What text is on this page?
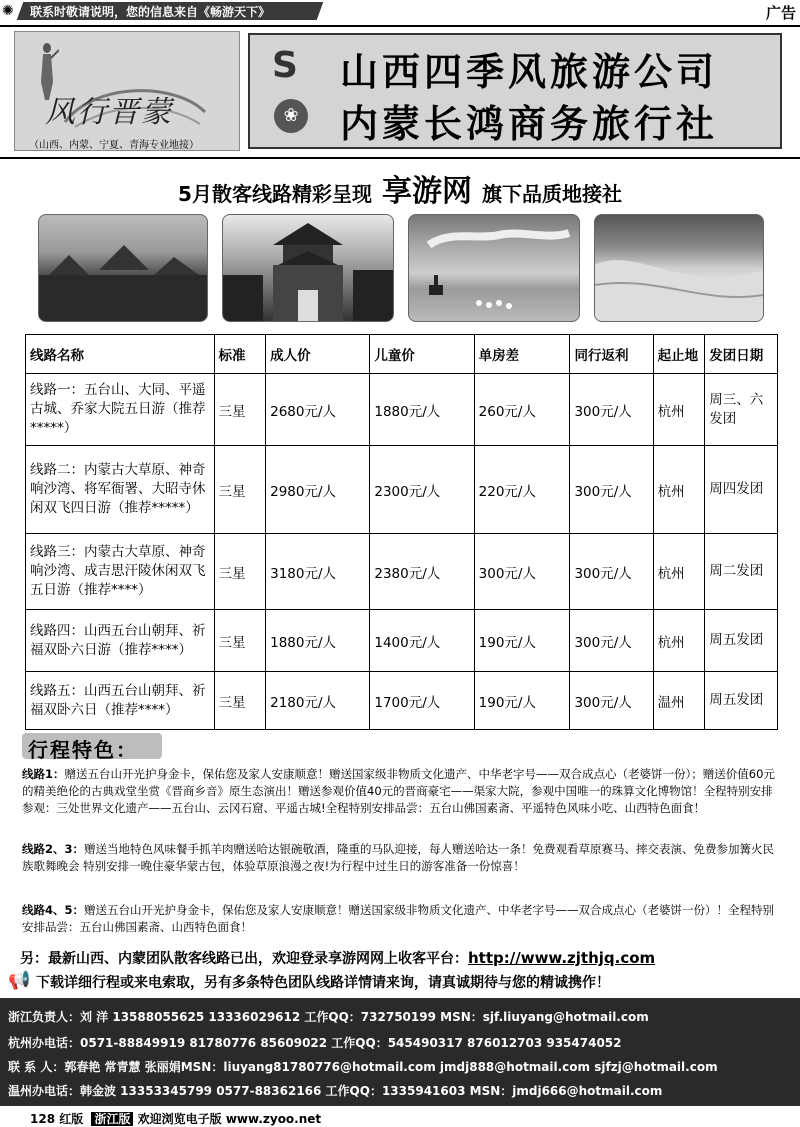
✺ 联系时敬请说明，您的信息来自《畅游天下》	广告
风行晋蒙
（山西、内蒙、宁夏、青海专业地接）
S
❀
山西四季风旅游公司
内蒙长鸿商务旅行社
5月散客线路精彩呈现 享游网 旗下品质地接社
线路名称	标准	成人价	儿童价	单房差	同行返利	起止地	发团日期
线路一：五台山、大同、平遥古城、乔家大院五日游（推荐*****）	三星	2680元/人	1880元/人	260元/人	300元/人	杭州	周三、六发团
线路二：内蒙古大草原、神奇响沙湾、将军衙署、大昭寺休闲双飞四日游（推荐*****）	三星	2980元/人	2300元/人	220元/人	300元/人	杭州	周四发团
线路三：内蒙古大草原、神奇响沙湾、成吉思汗陵休闲双飞五日游（推荐****）	三星	3180元/人	2380元/人	300元/人	300元/人	杭州	周二发团
线路四：山西五台山朝拜、祈福双卧六日游（推荐****）	三星	1880元/人	1400元/人	190元/人	300元/人	杭州	周五发团
线路五：山西五台山朝拜、祈福双卧六日（推荐****）	三星	2180元/人	1700元/人	190元/人	300元/人	温州	周五发团
行程特色：
线路1：赠送五台山开光护身金卡，保佑您及家人安康顺意！赠送国家级非物质文化遗产、中华老字号——双合成点心（老婆饼一份）；赠送价值60元的精美绝伦的古典戏堂坐赏《晋商乡音》原生态演出！赠送参观价值40元的晋商豪宅——渠家大院，参观中国唯一的珠算文化博物馆！全程特别安排参观：三处世界文化遗产——五台山、云冈石窟、平遥古城!全程特别安排品尝：五台山佛国素斋、平遥特色风味小吃、山西特色面食！
线路2、3：赠送当地特色风味餐手抓羊肉赠送哈达银碗敬酒，隆重的马队迎接，每人赠送哈达一条！免费观看草原赛马、摔交表演、免费参加篝火民族歌舞晚会 特别安排一晚住豪华蒙古包，体验草原浪漫之夜!为行程中过生日的游客准备一份惊喜！
线路4、5：赠送五台山开光护身金卡，保佑您及家人安康顺意！赠送国家级非物质文化遗产、中华老字号——双合成点心（老婆饼一份）！全程特别安排品尝：五台山佛国素斋、山西特色面食！
另：最新山西、内蒙团队散客线路已出，欢迎登录享游网网上收客平台：http://www.zjthjq.com
📢 下载详细行程或来电索取，另有多条特色团队线路详情请来询，请真诚期待与您的精诚携作！
浙江负责人：刘 洋 13588055625 13336029612 工作QQ：732750199 MSN：sjf.liuyang@hotmail.com
杭州办电话：0571-88849919 81780776 85609022 工作QQ：545490317 876012703 935474052
联 系 人：郭春艳 常青慧 张丽娟MSN：liuyang81780776@hotmail.com jmdj888@hotmail.com sjfzj@hotmail.com
温州办电话：韩金波 13353345799 0577-88362166 工作QQ：1335941603 MSN：jmdj666@hotmail.com
128 红版 浙江版 欢迎浏览电子版 www.zyoo.net
